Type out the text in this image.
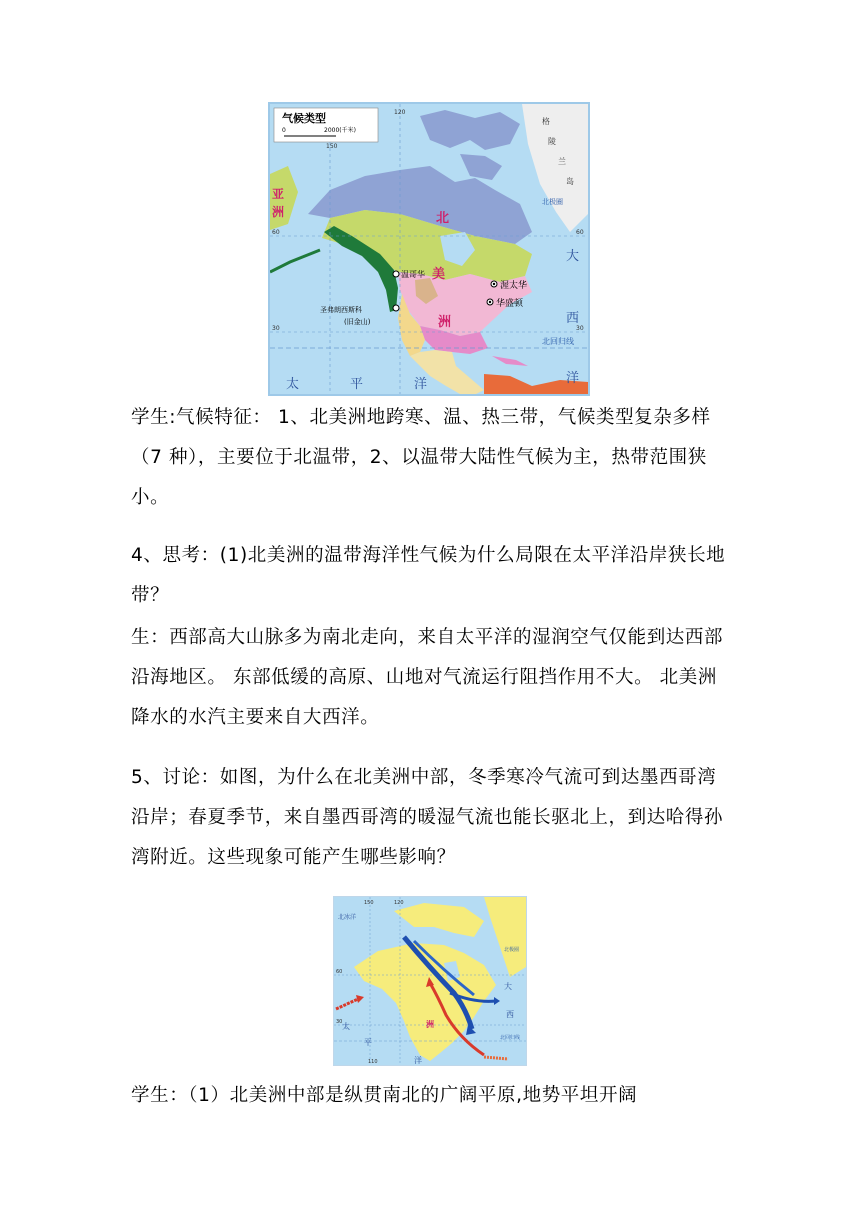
气候类型
0	2000(千米)
120
150
60	60
30	30
北回归线
北极圈
格
陵
兰
岛
亚
洲	北
美
洲
太	平	洋
大
西
洋
温哥华
渥太华
华盛顿
圣弗朗西斯科
(旧金山)

学生:气候特征： 1、北美洲地跨寒、温、热三带，气候类型复杂多样（7 种），主要位于北温带，2、以温带大陆性气候为主，热带范围狭小。

4、思考：(1)北美洲的温带海洋性气候为什么局限在太平洋沿岸狭长地带？

生：西部高大山脉多为南北走向，来自太平洋的湿润空气仅能到达西部沿海地区。 东部低缓的高原、山地对气流运行阻挡作用不大。 北美洲降水的水汽主要来自大西洋。

5、讨论：如图，为什么在北美洲中部，冬季寒冷气流可到达墨西哥湾沿岸；春夏季节，来自墨西哥湾的暖湿气流也能长驱北上，到达哈得孙湾附近。这些现象可能产生哪些影响？

北冰洋
60
30
150	120
110
北回归线
北极圈
太
平
大
西
洋
洲

学生：（1）北美洲中部是纵贯南北的广阔平原,地势平坦开阔
